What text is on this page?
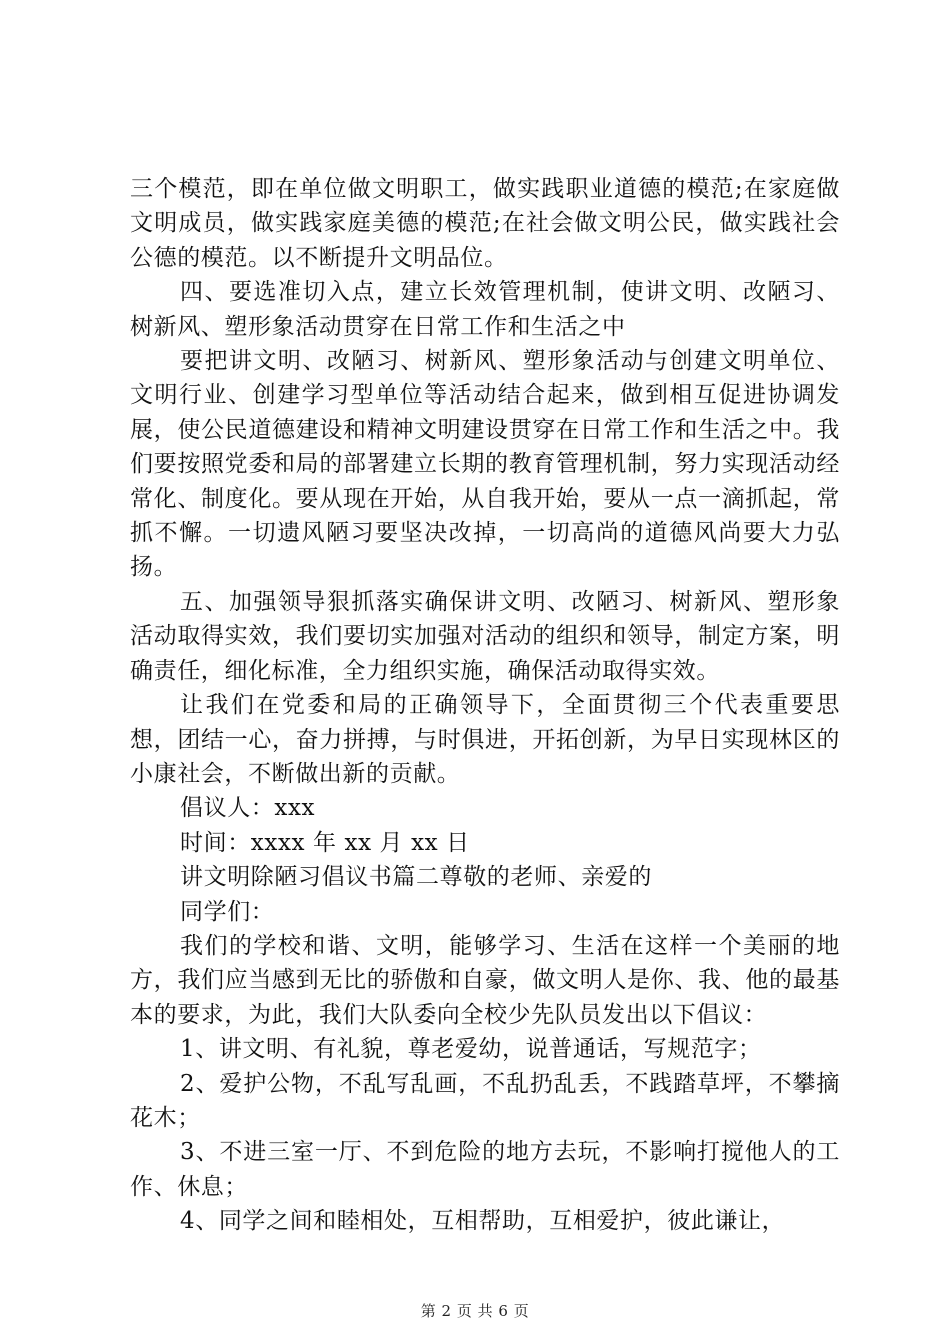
三个模范，即在单位做文明职工，做实践职业道德的模范;在家庭做文明成员，做实践家庭美德的模范;在社会做文明公民，做实践社会公德的模范。以不断提升文明品位。

四、要选准切入点，建立长效管理机制，使讲文明、改陋习、树新风、塑形象活动贯穿在日常工作和生活之中

要把讲文明、改陋习、树新风、塑形象活动与创建文明单位、文明行业、创建学习型单位等活动结合起来，做到相互促进协调发展，使公民道德建设和精神文明建设贯穿在日常工作和生活之中。我们要按照党委和局的部署建立长期的教育管理机制，努力实现活动经常化、制度化。要从现在开始，从自我开始，要从一点一滴抓起，常抓不懈。一切遗风陋习要坚决改掉，一切高尚的道德风尚要大力弘扬。

五、加强领导狠抓落实确保讲文明、改陋习、树新风、塑形象活动取得实效，我们要切实加强对活动的组织和领导，制定方案，明确责任，细化标准，全力组织实施，确保活动取得实效。

让我们在党委和局的正确领导下，全面贯彻三个代表重要思想，团结一心，奋力拼搏，与时俱进，开拓创新，为早日实现林区的小康社会，不断做出新的贡献。

倡议人：xxx

时间：xxxx 年 xx 月 xx 日

讲文明除陋习倡议书篇二尊敬的老师、亲爱的

同学们：

我们的学校和谐、文明，能够学习、生活在这样一个美丽的地方，我们应当感到无比的骄傲和自豪，做文明人是你、我、他的最基本的要求，为此，我们大队委向全校少先队员发出以下倡议：

1、讲文明、有礼貌，尊老爱幼，说普通话，写规范字；

2、爱护公物，不乱写乱画，不乱扔乱丢，不践踏草坪，不攀摘花木；

3、不进三室一厅、不到危险的地方去玩，不影响打搅他人的工作、休息；

4、同学之间和睦相处，互相帮助，互相爱护，彼此谦让，

第 2 页 共 6 页
